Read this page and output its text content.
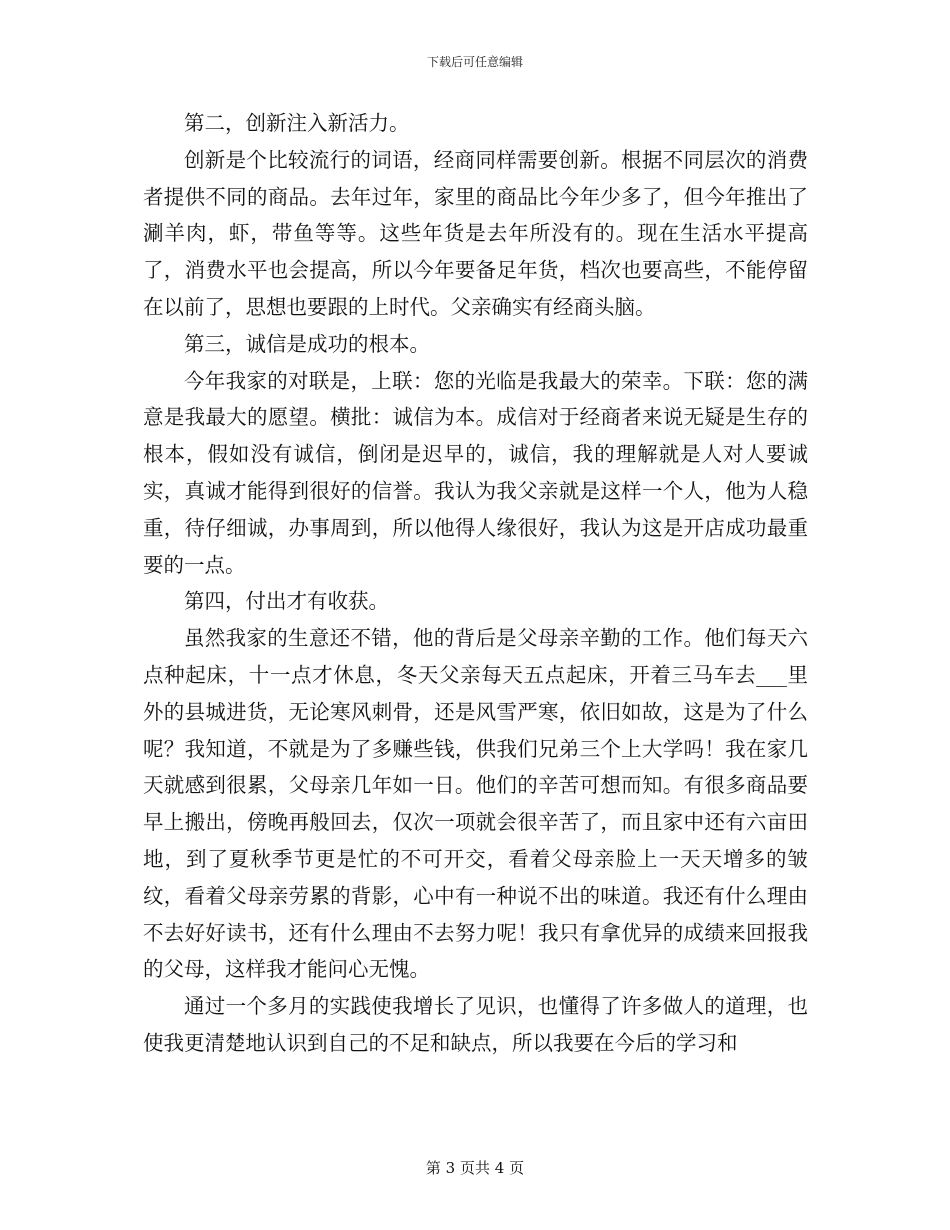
下载后可任意编辑

第二，创新注入新活力。

创新是个比较流行的词语，经商同样需要创新。根据不同层次的消费者提供不同的商品。去年过年，家里的商品比今年少多了，但今年推出了涮羊肉，虾，带鱼等等。这些年货是去年所没有的。现在生活水平提高了，消费水平也会提高，所以今年要备足年货，档次也要高些，不能停留在以前了，思想也要跟的上时代。父亲确实有经商头脑。

第三，诚信是成功的根本。

今年我家的对联是，上联：您的光临是我最大的荣幸。下联：您的满意是我最大的愿望。横批：诚信为本。成信对于经商者来说无疑是生存的根本，假如没有诚信，倒闭是迟早的，诚信，我的理解就是人对人要诚实，真诚才能得到很好的信誉。我认为我父亲就是这样一个人，他为人稳重，待仔细诚，办事周到，所以他得人缘很好，我认为这是开店成功最重要的一点。

第四，付出才有收获。

虽然我家的生意还不错，他的背后是父母亲辛勤的工作。他们每天六点种起床，十一点才休息，冬天父亲每天五点起床，开着三马车去___里外的县城进货，无论寒风刺骨，还是风雪严寒，依旧如故，这是为了什么呢？我知道，不就是为了多赚些钱，供我们兄弟三个上大学吗！我在家几天就感到很累，父母亲几年如一日。他们的辛苦可想而知。有很多商品要早上搬出，傍晚再般回去，仅次一项就会很辛苦了，而且家中还有六亩田地，到了夏秋季节更是忙的不可开交，看着父母亲脸上一天天增多的皱纹，看着父母亲劳累的背影，心中有一种说不出的味道。我还有什么理由不去好好读书，还有什么理由不去努力呢！我只有拿优异的成绩来回报我的父母，这样我才能问心无愧。

通过一个多月的实践使我增长了见识，也懂得了许多做人的道理，也使我更清楚地认识到自己的不足和缺点，所以我要在今后的学习和

第 3 页共 4 页
